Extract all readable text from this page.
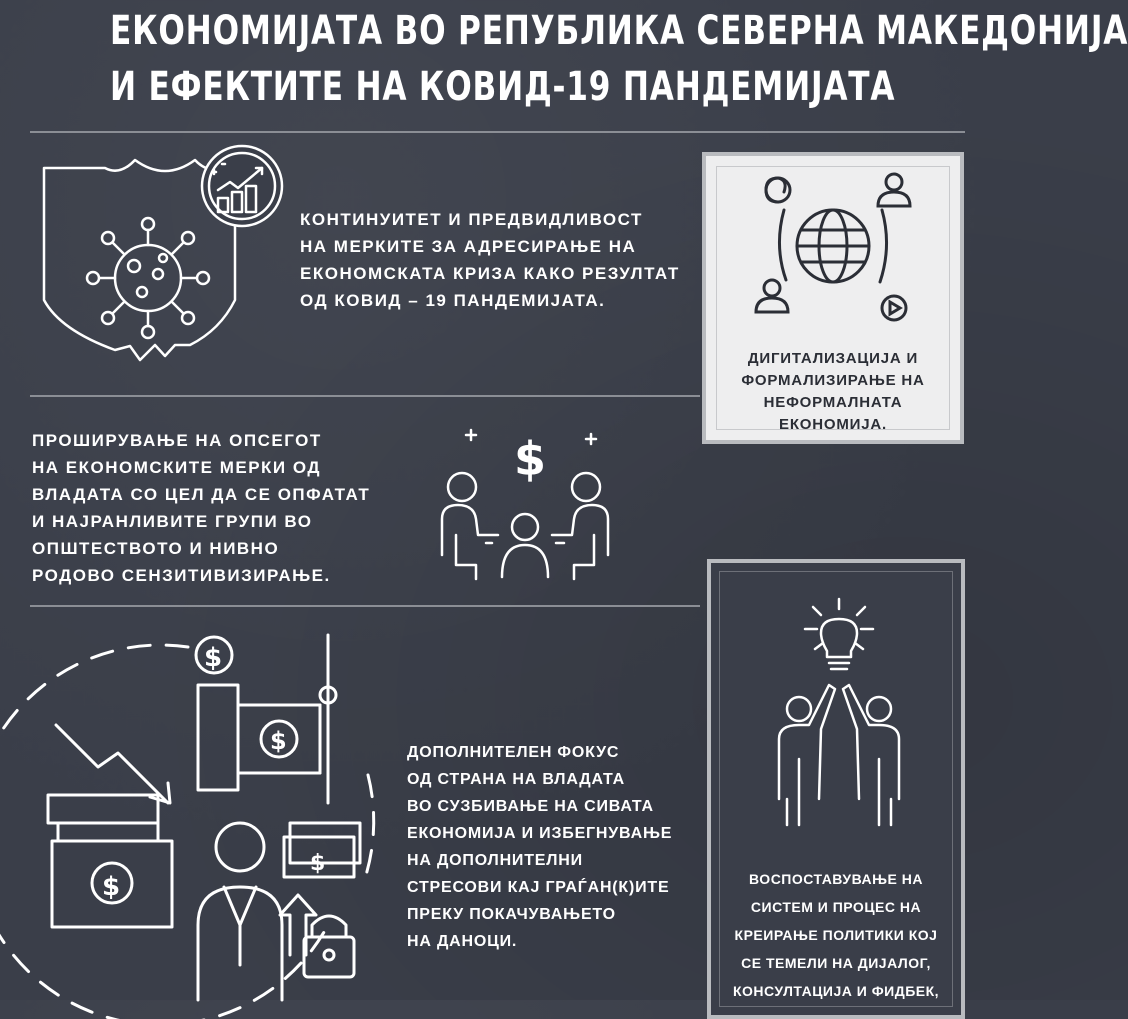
ЕКОНОМИЈАТА ВО РЕПУБЛИКА СЕВЕРНА МАКЕДОНИЈА
И ЕФЕКТИТЕ НА КОВИД-19 ПАНДЕМИЈАТА
КОНТИНУИТЕТ И ПРЕДВИДЛИВОСТ
НА МЕРКИТЕ ЗА АДРЕСИРАЊЕ НА
ЕКОНОМСКАТА КРИЗА КАКО РЕЗУЛТАТ
ОД КОВИД – 19 ПАНДЕМИЈАТА.
ДИГИТАЛИЗАЦИЈА И
ФОРМАЛИЗИРАЊЕ НА
НЕФОРМАЛНАТА
ЕКОНОМИЈА.
ПРОШИРУВАЊЕ НА ОПСЕГОТ
НА ЕКОНОМСКИТЕ МЕРКИ ОД
ВЛАДАТА СО ЦЕЛ ДА СЕ ОПФАТАТ
И НАЈРАНЛИВИТЕ ГРУПИ ВО
ОПШТЕСТВОТО И НИВНО
РОДОВО СЕНЗИТИВИЗИРАЊЕ.
$
$
$
$
$
ДОПОЛНИТЕЛЕН ФОКУС
ОД СТРАНА НА ВЛАДАТА
ВО СУЗБИВАЊЕ НА СИВАТА
ЕКОНОМИЈА И ИЗБЕГНУВАЊЕ
НА ДОПОЛНИТЕЛНИ
СТРЕСОВИ КАЈ ГРАЃАН(К)ИТЕ
ПРЕКУ ПОКАЧУВАЊЕТО
НА ДАНОЦИ.
ВОСПОСТАВУВАЊЕ НА
СИСТЕМ И ПРОЦЕС НА
КРЕИРАЊЕ ПОЛИТИКИ КОЈ
СЕ ТЕМЕЛИ НА ДИЈАЛОГ,
КОНСУЛТАЦИЈА И ФИДБЕК,
